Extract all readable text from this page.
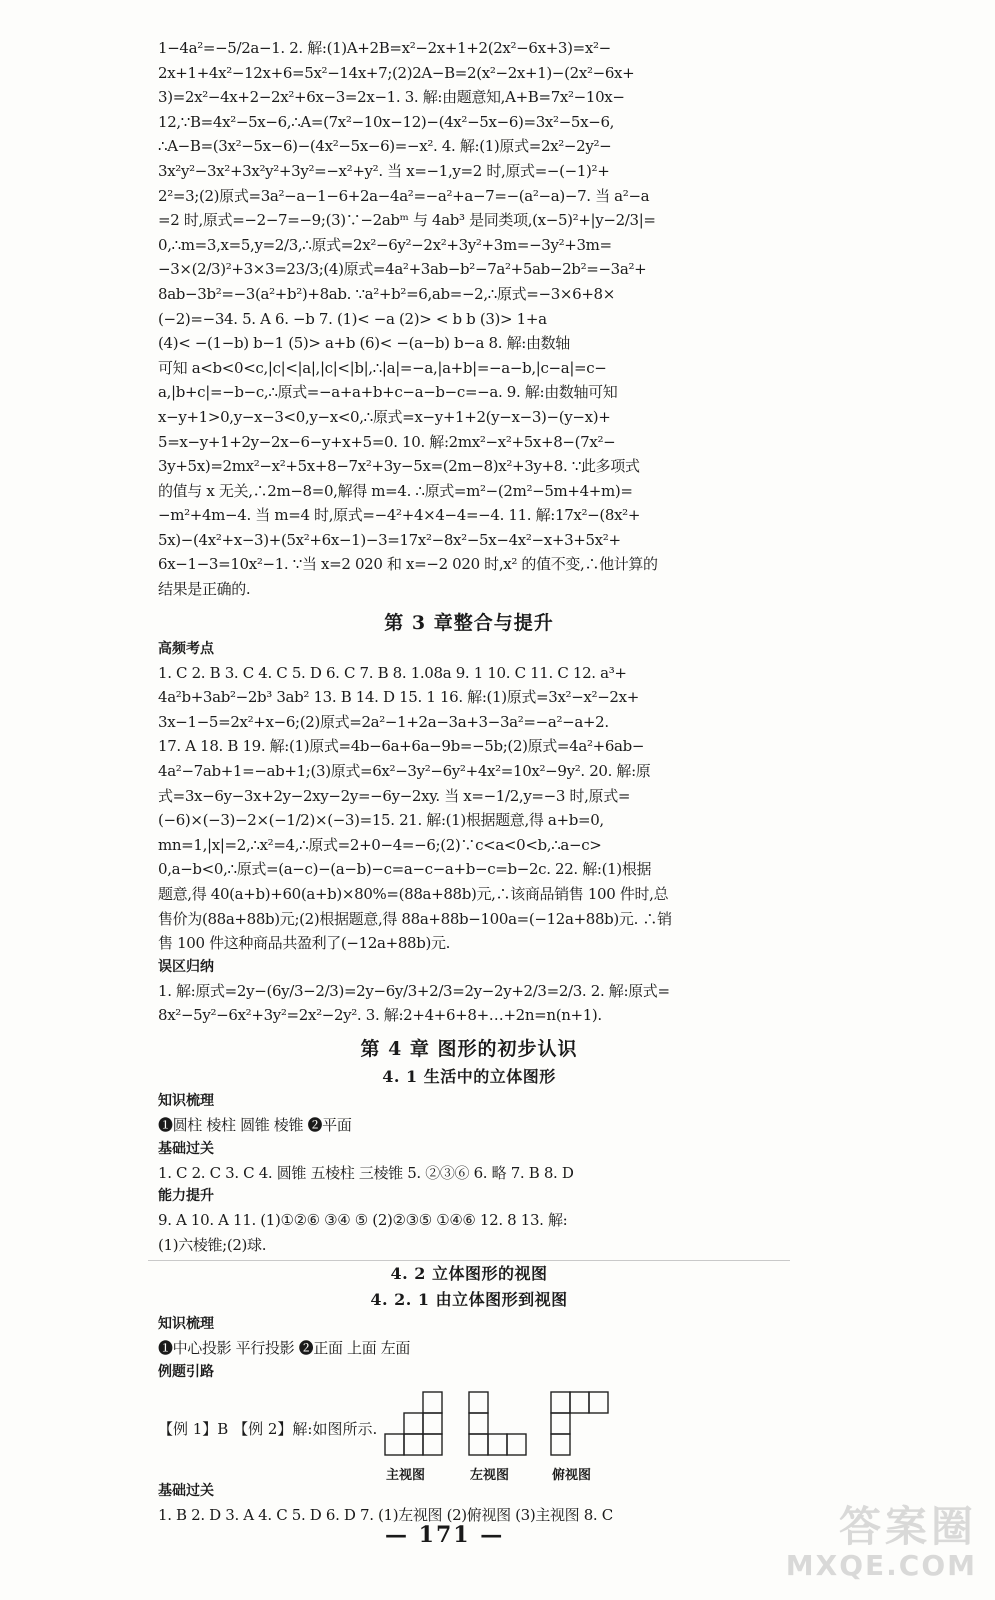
1−4a²=−5/2a−1. 2. 解:(1)A+2B=x²−2x+1+2(2x²−6x+3)=x²−
2x+1+4x²−12x+6=5x²−14x+7;(2)2A−B=2(x²−2x+1)−(2x²−6x+
3)=2x²−4x+2−2x²+6x−3=2x−1. 3. 解:由题意知,A+B=7x²−10x−
12,∵B=4x²−5x−6,∴A=(7x²−10x−12)−(4x²−5x−6)=3x²−5x−6,
∴A−B=(3x²−5x−6)−(4x²−5x−6)=−x². 4. 解:(1)原式=2x²−2y²−
3x²y²−3x²+3x²y²+3y²=−x²+y². 当 x=−1,y=2 时,原式=−(−1)²+
2²=3;(2)原式=3a²−a−1−6+2a−4a²=−a²+a−7=−(a²−a)−7. 当 a²−a
=2 时,原式=−2−7=−9;(3)∵−2abᵐ 与 4ab³ 是同类项,(x−5)²+|y−2/3|=
0,∴m=3,x=5,y=2/3,∴原式=2x²−6y²−2x²+3y²+3m=−3y²+3m=
−3×(2/3)²+3×3=23/3;(4)原式=4a²+3ab−b²−7a²+5ab−2b²=−3a²+
8ab−3b²=−3(a²+b²)+8ab. ∵a²+b²=6,ab=−2,∴原式=−3×6+8×
(−2)=−34. 5. A 6. −b 7. (1)< −a (2)> < b b (3)> 1+a
(4)< −(1−b) b−1 (5)> a+b (6)< −(a−b) b−a 8. 解:由数轴
可知 a<b<0<c,|c|<|a|,|c|<|b|,∴|a|=−a,|a+b|=−a−b,|c−a|=c−
a,|b+c|=−b−c,∴原式=−a+a+b+c−a−b−c=−a. 9. 解:由数轴可知
x−y+1>0,y−x−3<0,y−x<0,∴原式=x−y+1+2(y−x−3)−(y−x)+
5=x−y+1+2y−2x−6−y+x+5=0. 10. 解:2mx²−x²+5x+8−(7x²−
3y+5x)=2mx²−x²+5x+8−7x²+3y−5x=(2m−8)x²+3y+8. ∵此多项式
的值与 x 无关,∴2m−8=0,解得 m=4. ∴原式=m²−(2m²−5m+4+m)=
−m²+4m−4. 当 m=4 时,原式=−4²+4×4−4=−4. 11. 解:17x²−(8x²+
5x)−(4x²+x−3)+(5x²+6x−1)−3=17x²−8x²−5x−4x²−x+3+5x²+
6x−1−3=10x²−1. ∵当 x=2 020 和 x=−2 020 时,x² 的值不变,∴他计算的
结果是正确的.
第 3 章整合与提升
高频考点
1. C 2. B 3. C 4. C 5. D 6. C 7. B 8. 1.08a 9. 1 10. C 11. C 12. a³+
4a²b+3ab²−2b³ 3ab² 13. B 14. D 15. 1 16. 解:(1)原式=3x²−x²−2x+
3x−1−5=2x²+x−6;(2)原式=2a²−1+2a−3a+3−3a²=−a²−a+2.
17. A 18. B 19. 解:(1)原式=4b−6a+6a−9b=−5b;(2)原式=4a²+6ab−
4a²−7ab+1=−ab+1;(3)原式=6x²−3y²−6y²+4x²=10x²−9y². 20. 解:原
式=3x−6y−3x+2y−2xy−2y=−6y−2xy. 当 x=−1/2,y=−3 时,原式=
(−6)×(−3)−2×(−1/2)×(−3)=15. 21. 解:(1)根据题意,得 a+b=0,
mn=1,|x|=2,∴x²=4,∴原式=2+0−4=−6;(2)∵c<a<0<b,∴a−c>
0,a−b<0,∴原式=(a−c)−(a−b)−c=a−c−a+b−c=b−2c. 22. 解:(1)根据
题意,得 40(a+b)+60(a+b)×80%=(88a+88b)元,∴该商品销售 100 件时,总
售价为(88a+88b)元;(2)根据题意,得 88a+88b−100a=(−12a+88b)元. ∴销
售 100 件这种商品共盈利了(−12a+88b)元.
误区归纳
1. 解:原式=2y−(6y/3−2/3)=2y−6y/3+2/3=2y−2y+2/3=2/3. 2. 解:原式=
8x²−5y²−6x²+3y²=2x²−2y². 3. 解:2+4+6+8+…+2n=n(n+1).
第 4 章 图形的初步认识
4. 1 生活中的立体图形
知识梳理
❶圆柱 棱柱 圆锥 棱锥 ❷平面
基础过关
1. C 2. C 3. C 4. 圆锥 五棱柱 三棱锥 5. ②③⑥ 6. 略 7. B 8. D
能力提升
9. A 10. A 11. (1)①②⑥ ③④ ⑤ (2)②③⑤ ①④⑥ 12. 8 13. 解:
(1)六棱锥;(2)球.
4. 2 立体图形的视图
4. 2. 1 由立体图形到视图
知识梳理
❶中心投影 平行投影 ❷正面 上面 左面
例题引路
【例 1】B 【例 2】解:如图所示.
主视图	左视图	俯视图
基础过关
1. B 2. D 3. A 4. C 5. D 6. D 7. (1)左视图 (2)俯视图 (3)主视图 8. C
— 171 —	答案圈
MXQE.COM
